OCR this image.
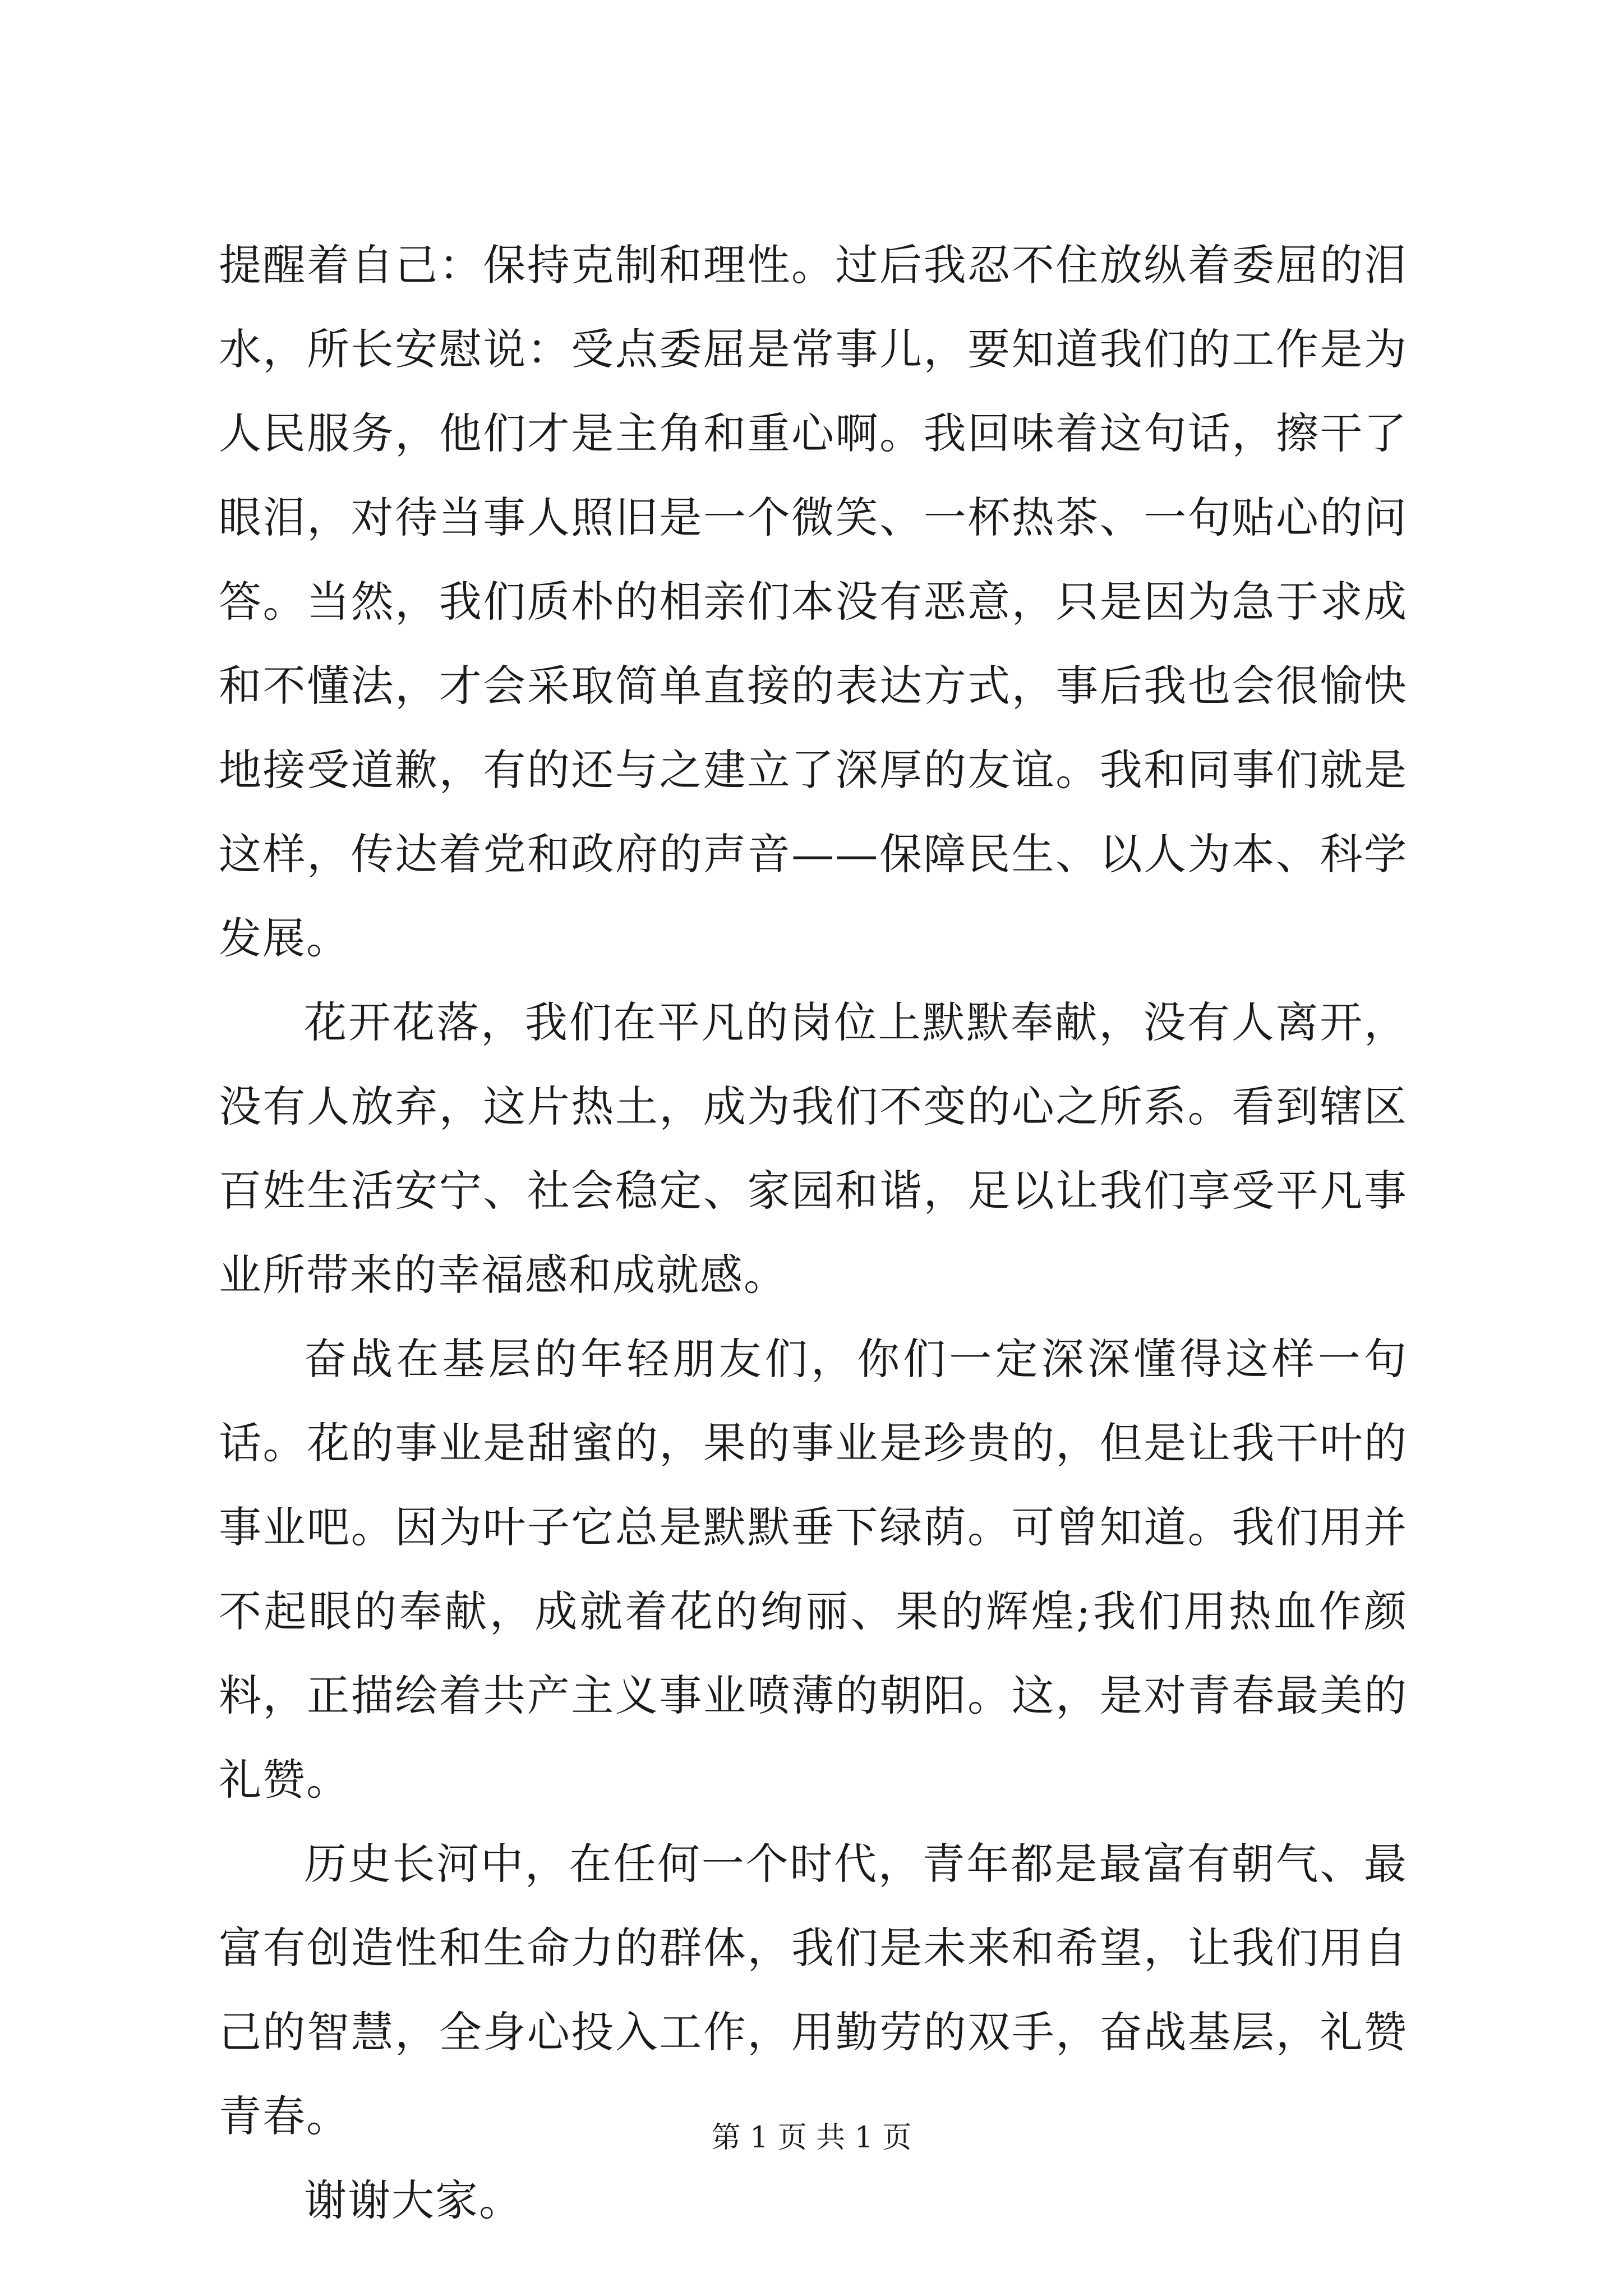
提醒着自己：保持克制和理性。过后我忍不住放纵着委屈的泪水，所长安慰说：受点委屈是常事儿，要知道我们的工作是为人民服务，他们才是主角和重心啊。我回味着这句话，擦干了眼泪，对待当事人照旧是一个微笑、一杯热茶、一句贴心的问答。当然，我们质朴的相亲们本没有恶意，只是因为急于求成和不懂法，才会采取简单直接的表达方式，事后我也会很愉快地接受道歉，有的还与之建立了深厚的友谊。我和同事们就是这样，传达着党和政府的声音——保障民生、以人为本、科学发展。

花开花落，我们在平凡的岗位上默默奉献，没有人离开，没有人放弃，这片热土，成为我们不变的心之所系。看到辖区百姓生活安宁、社会稳定、家园和谐，足以让我们享受平凡事业所带来的幸福感和成就感。

奋战在基层的年轻朋友们，你们一定深深懂得这样一句话。花的事业是甜蜜的，果的事业是珍贵的，但是让我干叶的事业吧。因为叶子它总是默默垂下绿荫。可曾知道。我们用并不起眼的奉献，成就着花的绚丽、果的辉煌;我们用热血作颜料，正描绘着共产主义事业喷薄的朝阳。这，是对青春最美的礼赞。

历史长河中，在任何一个时代，青年都是最富有朝气、最富有创造性和生命力的群体，我们是未来和希望，让我们用自己的智慧，全身心投入工作，用勤劳的双手，奋战基层，礼赞青春。

谢谢大家。

第 1 页 共 1 页
